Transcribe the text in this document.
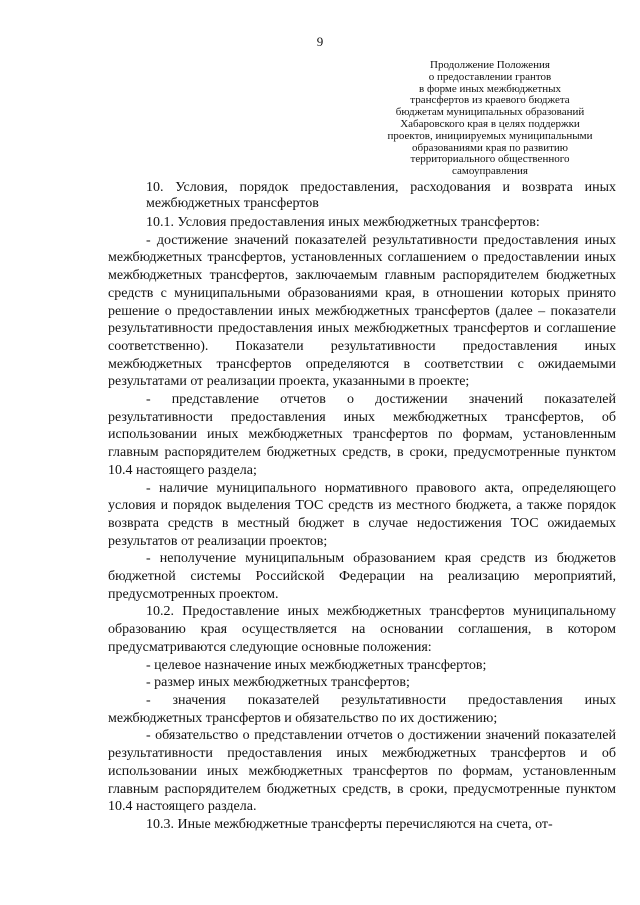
9
Продолжение Положения
о предоставлении грантов
в форме иных межбюджетных
трансфертов из краевого бюджета
бюджетам муниципальных образований
Хабаровского края в целях поддержки
проектов, инициируемых муниципальными
образованиями края по развитию
территориального общественного
самоуправления
10. Условия, порядок предоставления, расходования и возврата иных межбюджетных трансфертов

10.1. Условия предоставления иных межбюджетных трансфертов:

- достижение значений показателей результативности предоставления иных межбюджетных трансфертов, установленных соглашением о предоставлении иных межбюджетных трансфертов, заключаемым главным распорядителем бюджетных средств с муниципальными образованиями края, в отношении которых принято решение о предоставлении иных межбюджетных трансфертов (далее – показатели результативности предоставления иных межбюджетных трансфертов и соглашение соответственно). Показатели результативности предоставления иных межбюджетных трансфертов определяются в соответствии с ожидаемыми результатами от реализации проекта, указанными в проекте;

- представление отчетов о достижении значений показателей результативности предоставления иных межбюджетных трансфертов, об использовании иных межбюджетных трансфертов по формам, установленным главным распорядителем бюджетных средств, в сроки, предусмотренные пунктом 10.4 настоящего раздела;

- наличие муниципального нормативного правового акта, определяющего условия и порядок выделения ТОС средств из местного бюджета, а также порядок возврата средств в местный бюджет в случае недостижения ТОС ожидаемых результатов от реализации проектов;

- неполучение муниципальным образованием края средств из бюджетов бюджетной системы Российской Федерации на реализацию мероприятий, предусмотренных проектом.

10.2. Предоставление иных межбюджетных трансфертов муниципальному образованию края осуществляется на основании соглашения, в котором предусматриваются следующие основные положения:

- целевое назначение иных межбюджетных трансфертов;

- размер иных межбюджетных трансфертов;

- значения показателей результативности предоставления иных межбюджетных трансфертов и обязательство по их достижению;

- обязательство о представлении отчетов о достижении значений показателей результативности предоставления иных межбюджетных трансфертов и об использовании иных межбюджетных трансфертов по формам, установленным главным распорядителем бюджетных средств, в сроки, предусмотренные пунктом 10.4 настоящего раздела.

10.3. Иные межбюджетные трансферты перечисляются на счета, от-
